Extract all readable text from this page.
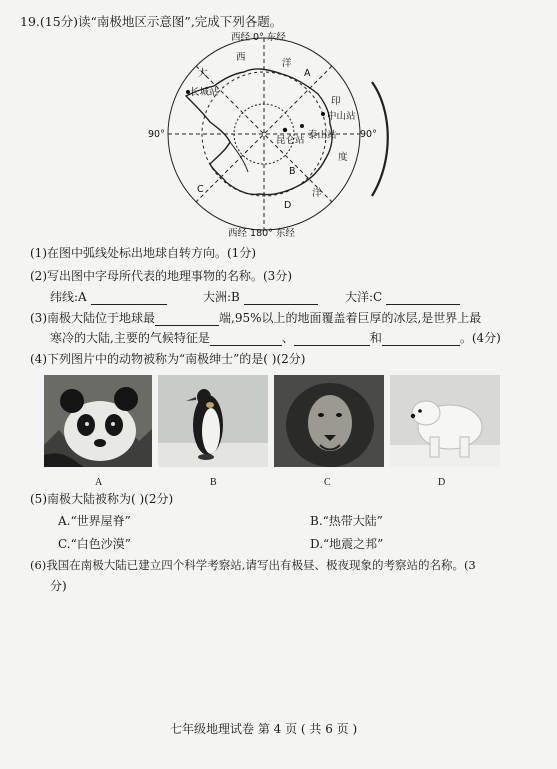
19.(15分)读“南极地区示意图”,完成下列各题。
西经 0° 东经
西经 180° 东经
90°	90°
A
B
C
D
西
洋
大
印
度
洋
长城站
中山站
昆仑站 泰山站
(1)在图中弧线处标出地球自转方向。(1分)
(2)写出图中字母所代表的地理事物的名称。(3分)
纬线:A	大洲:B	大洋:C
(3)南极大陆位于地球最	端,95%以上的地面覆盖着巨厚的冰层,是世界上最
寒冷的大陆,主要的气候特征是	、	和	。(4分)
(4)下列图片中的动物被称为“南极绅士”的是( )(2分)
A	B	C	D
(5)南极大陆被称为( )(2分)
A.“世界屋脊”	B.“热带大陆”
C.“白色沙漠”	D.“地震之邦”
(6)我国在南极大陆已建立四个科学考察站,请写出有极昼、极夜现象的考察站的名称。(3
分)
七年级地理试卷 第 4 页 ( 共 6 页 )
